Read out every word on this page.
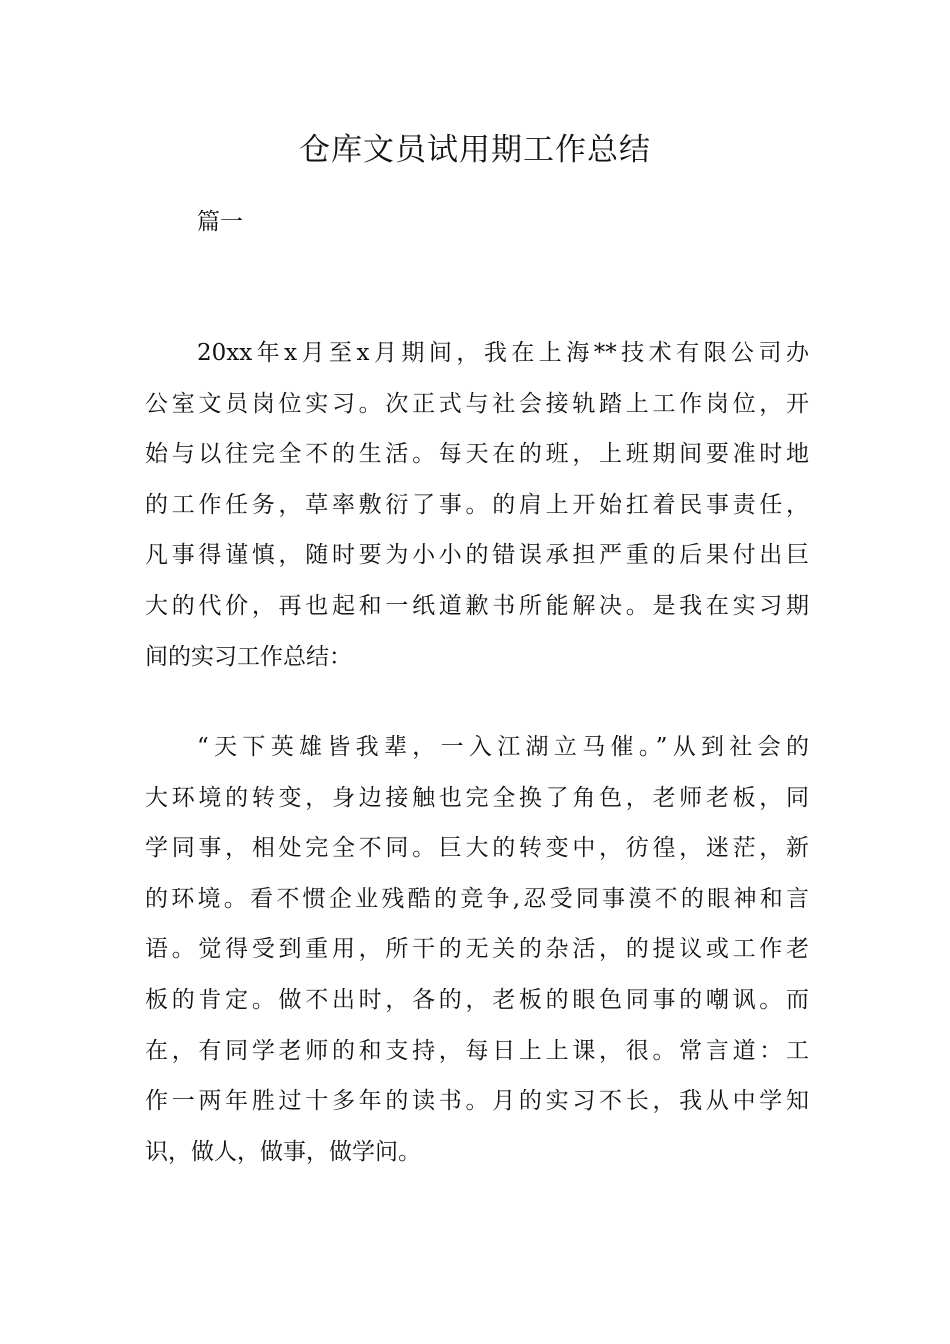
仓库文员试用期工作总结
篇一
20xx年x月至x月期间，我在上海**技术有限公司办
公室文员岗位实习。次正式与社会接轨踏上工作岗位，开
始与以往完全不的生活。每天在的班，上班期间要准时地
的工作任务，草率敷衍了事。的肩上开始扛着民事责任，
凡事得谨慎，随时要为小小的错误承担严重的后果付出巨
大的代价，再也起和一纸道歉书所能解决。是我在实习期
间的实习工作总结：
“天下英雄皆我辈，一入江湖立马催。”从到社会的
大环境的转变，身边接触也完全换了角色，老师老板，同
学同事，相处完全不同。巨大的转变中，彷徨，迷茫，新
的环境。看不惯企业残酷的竞争,忍受同事漠不的眼神和言
语。觉得受到重用，所干的无关的杂活，的提议或工作老
板的肯定。做不出时，各的，老板的眼色同事的嘲讽。而
在，有同学老师的和支持，每日上上课，很。常言道：工
作一两年胜过十多年的读书。月的实习不长，我从中学知
识，做人，做事，做学问。
